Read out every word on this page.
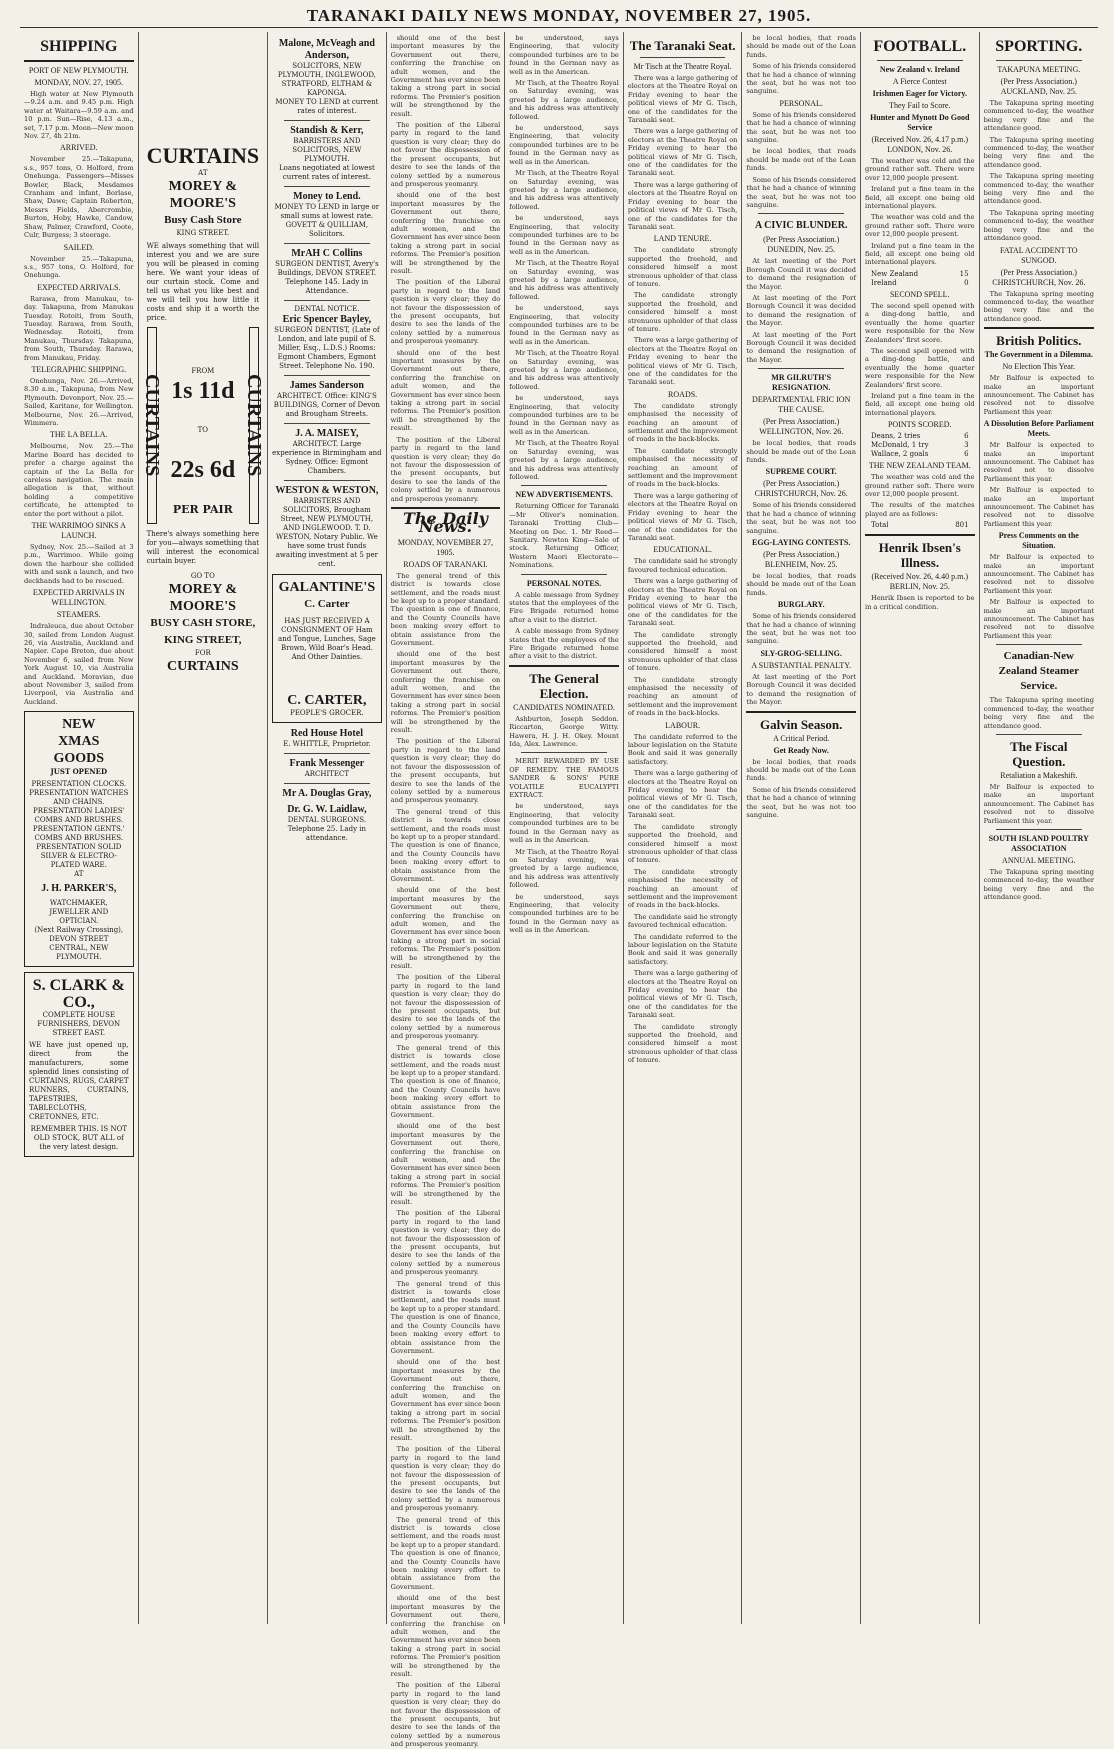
TARANAKI DAILY NEWS MONDAY, NOVEMBER 27, 1905.
SHIPPING
PORT OF NEW PLYMOUTH.
MONDAY, NOV. 27, 1905.
High water at New Plymouth—9.24 a.m. and 9.45 p.m. High water at Waitara—9.59 a.m. and 10 p.m. Sun—Rise, 4.13 a.m., set, 7.17 p.m. Moon—New moon Nov. 27, 4h 21m.
ARRIVED.
November 25.—Takapuna, s.s., 957 tons, O. Holford, from Onehunga. Passengers—Misses Bowler, Black, Mesdames Cranham and infant, Borlase, Shaw, Dawe; Captain Roberton, Messrs Fields, Abercrombie, Burton, Hoby, Hawke, Candow, Shaw, Palmer, Crawford, Coote, Culr, Burgess; 3 steerage.
SAILED.
November 25.—Takapuna, s.s., 957 tons, O. Holford, for Onehunga.
EXPECTED ARRIVALS.
Rarawa, from Manukau, to-day. Takapuna, from Manukau Tuesday. Rotoiti, from South, Tuesday. Rarawa, from South, Wednesday. Rotoiti, from Manukau, Thursday. Takapuna, from South, Thursday. Rarawa, from Manukau, Friday.
TELEGRAPHIC SHIPPING.
Onehunga, Nov. 26.—Arrived, 8.30 a.m., Takapuna, from New Plymouth. Devonport, Nov. 25.—Sailed, Karitane, for Wellington. Melbourne, Nov. 26.—Arrived, Wimmera.
THE LA BELLA.
Melbourne, Nov. 25.—The Marine Board has decided to prefer a charge against the captain of the La Bella for careless navigation. The main allegation is that, without holding a competitive certificate, he attempted to enter the port without a pilot.
THE WARRIMOO SINKS A LAUNCH.
Sydney, Nov. 25.—Sailed at 3 p.m., Warrimoo. While going down the harbour she collided with and sank a launch, and two deckhands had to be rescued.
EXPECTED ARRIVALS IN WELLINGTON.
STEAMERS.
Indraleuca, due about October 30, sailed from London August 26, via Australia, Auckland and Napier. Cape Breton, due about November 6, sailed from New York August 10, via Australia and Auckland. Moravian, due about November 3, sailed from Liverpool, via Australia and Auckland.
NEW
XMAS
GOODS
JUST OPENED
PRESENTATION CLOCKS. PRESENTATION WATCHES AND CHAINS. PRESENTATION LADIES' COMBS AND BRUSHES. PRESENTATION GENTS.' COMBS AND BRUSHES. PRESENTATION SOLID SILVER & ELECTRO-PLATED WARE.
AT
J. H. PARKER'S,
WATCHMAKER, JEWELLER AND OPTICIAN.
(Next Railway Crossing), DEVON STREET CENTRAL, NEW PLYMOUTH.
S. CLARK & CO.,
COMPLETE HOUSE FURNISHERS, DEVON STREET EAST.
WE have just opened up, direct from the manufacturers, some splendid lines consisting of CURTAINS, RUGS, CARPET RUNNERS, CURTAINS, TAPESTRIES, TABLECLOTHS, CRETONNES, ETC.
REMEMBER THIS. IS NOT OLD STOCK, BUT ALL of the very latest design.
CURTAINS
AT
MOREY & MOORE'S
Busy Cash Store
KING STREET.
WE always something that will interest you and we are sure you will be pleased in coming here. We want your ideas of our curtain stock. Come and tell us what you like best and we will tell you how little it costs and ship it a worth the price.
CURTAINS
FROM
1s 11d
TO
22s 6d
PER PAIR
CURTAINS
There's always something here for you—always something that will interest the economical curtain buyer.
GO TO
MOREY & MOORE'S
BUSY CASH STORE,
KING STREET,
FOR
CURTAINS
Malone, McVeagh and Anderson,
SOLICITORS, NEW PLYMOUTH, INGLEWOOD, STRATFORD, ELTHAM & KAPONGA.
MONEY TO LEND at current rates of interest.
Standish & Kerr,
BARRISTERS AND SOLICITORS, NEW PLYMOUTH.
Loans negotiated at lowest current rates of interest.
Money to Lend.
MONEY TO LEND in large or small sums at lowest rate. GOVETT & QUILLIAM, Solicitors.
MrAH C Collins
SURGEON DENTIST, Avery's Buildings, DEVON STREET. Telephone 145. Lady in Attendance.
DENTAL NOTICE.
Eric Spencer Bayley,
SURGEON DENTIST, (Late of London, and late pupil of S. Miller, Esq., L.D.S.) Rooms: Egmont Chambers, Egmont Street. Telephone No. 190.
James Sanderson
ARCHITECT. Office: KING'S BUILDINGS, Corner of Devon and Brougham Streets.
J. A. MAISEY,
ARCHITECT. Large experience in Birmingham and Sydney. Office: Egmont Chambers.
WESTON & WESTON,
BARRISTERS AND SOLICITORS, Brougham Street, NEW PLYMOUTH, AND INGLEWOOD. T. D. WESTON, Notary Public. We have some trust funds awaiting investment at 5 per cent.
GALANTINE'S
C. Carter
HAS JUST RECEIVED A CONSIGNMENT OF Ham and Tongue, Lunches, Sage Brown, Wild Boar's Head. And Other Dainties.
C. CARTER,
PEOPLE'S GROCER.
Red House Hotel
E. WHITTLE, Proprietor.
Frank Messenger
ARCHITECT
Mr A. Douglas Gray,
Dr. G. W. Laidlaw,
DENTAL SURGEONS. Telephone 25. Lady in attendance.
should one of the best important measures by the Government out there, conferring the franchise on adult women, and the Government has ever since been taking a strong part in social reforms. The Premier's position will be strengthened by the result.
The position of the Liberal party in regard to the land question is very clear; they do not favour the dispossession of the present occupants, but desire to see the lands of the colony settled by a numerous and prosperous yeomanry.
should one of the best important measures by the Government out there, conferring the franchise on adult women, and the Government has ever since been taking a strong part in social reforms. The Premier's position will be strengthened by the result.
The position of the Liberal party in regard to the land question is very clear; they do not favour the dispossession of the present occupants, but desire to see the lands of the colony settled by a numerous and prosperous yeomanry.
should one of the best important measures by the Government out there, conferring the franchise on adult women, and the Government has ever since been taking a strong part in social reforms. The Premier's position will be strengthened by the result.
The position of the Liberal party in regard to the land question is very clear; they do not favour the dispossession of the present occupants, but desire to see the lands of the colony settled by a numerous and prosperous yeomanry.
The Daily News.
MONDAY, NOVEMBER 27, 1905.
ROADS OF TARANAKI.
The general trend of this district is towards close settlement, and the roads must be kept up to a proper standard. The question is one of finance, and the County Councils have been making every effort to obtain assistance from the Government.
should one of the best important measures by the Government out there, conferring the franchise on adult women, and the Government has ever since been taking a strong part in social reforms. The Premier's position will be strengthened by the result.
The position of the Liberal party in regard to the land question is very clear; they do not favour the dispossession of the present occupants, but desire to see the lands of the colony settled by a numerous and prosperous yeomanry.
The general trend of this district is towards close settlement, and the roads must be kept up to a proper standard. The question is one of finance, and the County Councils have been making every effort to obtain assistance from the Government.
should one of the best important measures by the Government out there, conferring the franchise on adult women, and the Government has ever since been taking a strong part in social reforms. The Premier's position will be strengthened by the result.
The position of the Liberal party in regard to the land question is very clear; they do not favour the dispossession of the present occupants, but desire to see the lands of the colony settled by a numerous and prosperous yeomanry.
The general trend of this district is towards close settlement, and the roads must be kept up to a proper standard. The question is one of finance, and the County Councils have been making every effort to obtain assistance from the Government.
should one of the best important measures by the Government out there, conferring the franchise on adult women, and the Government has ever since been taking a strong part in social reforms. The Premier's position will be strengthened by the result.
The position of the Liberal party in regard to the land question is very clear; they do not favour the dispossession of the present occupants, but desire to see the lands of the colony settled by a numerous and prosperous yeomanry.
The general trend of this district is towards close settlement, and the roads must be kept up to a proper standard. The question is one of finance, and the County Councils have been making every effort to obtain assistance from the Government.
should one of the best important measures by the Government out there, conferring the franchise on adult women, and the Government has ever since been taking a strong part in social reforms. The Premier's position will be strengthened by the result.
The position of the Liberal party in regard to the land question is very clear; they do not favour the dispossession of the present occupants, but desire to see the lands of the colony settled by a numerous and prosperous yeomanry.
The general trend of this district is towards close settlement, and the roads must be kept up to a proper standard. The question is one of finance, and the County Councils have been making every effort to obtain assistance from the Government.
should one of the best important measures by the Government out there, conferring the franchise on adult women, and the Government has ever since been taking a strong part in social reforms. The Premier's position will be strengthened by the result.
The position of the Liberal party in regard to the land question is very clear; they do not favour the dispossession of the present occupants, but desire to see the lands of the colony settled by a numerous and prosperous yeomanry.
be understood, says Engineering, that velocity compounded turbines are to be found in the German navy as well as in the American.
Mr Tisch, at the Theatre Royal on Saturday evening, was greeted by a large audience, and his address was attentively followed.
be understood, says Engineering, that velocity compounded turbines are to be found in the German navy as well as in the American.
Mr Tisch, at the Theatre Royal on Saturday evening, was greeted by a large audience, and his address was attentively followed.
be understood, says Engineering, that velocity compounded turbines are to be found in the German navy as well as in the American.
Mr Tisch, at the Theatre Royal on Saturday evening, was greeted by a large audience, and his address was attentively followed.
be understood, says Engineering, that velocity compounded turbines are to be found in the German navy as well as in the American.
Mr Tisch, at the Theatre Royal on Saturday evening, was greeted by a large audience, and his address was attentively followed.
be understood, says Engineering, that velocity compounded turbines are to be found in the German navy as well as in the American.
Mr Tisch, at the Theatre Royal on Saturday evening, was greeted by a large audience, and his address was attentively followed.
NEW ADVERTISEMENTS.
Returning Officer for Taranaki—Mr Oliver's nomination. Taranaki Trotting Club—Meeting on Dec. 1. Mr Reed—Sanitary. Newton King—Sale of stock. Returning Officer, Western Maori Electorate—Nominations.
PERSONAL NOTES.
A cable message from Sydney states that the employees of the Fire Brigade returned home after a visit to the district.
A cable message from Sydney states that the employees of the Fire Brigade returned home after a visit to the district.
The General Election.
CANDIDATES NOMINATED.
Ashburton, Joseph Seddon. Riccarton, George Witty. Hawera, H. J. H. Okey. Mount Ida, Alex. Lawrence.
MERIT REWARDED BY USE OF REMEDY. THE FAMOUS SANDER & SONS' PURE VOLATILE EUCALYPTI EXTRACT.
be understood, says Engineering, that velocity compounded turbines are to be found in the German navy as well as in the American.
Mr Tisch, at the Theatre Royal on Saturday evening, was greeted by a large audience, and his address was attentively followed.
be understood, says Engineering, that velocity compounded turbines are to be found in the German navy as well as in the American.
The Taranaki Seat.
Mr Tisch at the Theatre Royal.
There was a large gathering of electors at the Theatre Royal on Friday evening to hear the political views of Mr G. Tisch, one of the candidates for the Taranaki seat.
There was a large gathering of electors at the Theatre Royal on Friday evening to hear the political views of Mr G. Tisch, one of the candidates for the Taranaki seat.
There was a large gathering of electors at the Theatre Royal on Friday evening to hear the political views of Mr G. Tisch, one of the candidates for the Taranaki seat.
LAND TENURE.
The candidate strongly supported the freehold, and considered himself a most strenuous upholder of that class of tenure.
The candidate strongly supported the freehold, and considered himself a most strenuous upholder of that class of tenure.
There was a large gathering of electors at the Theatre Royal on Friday evening to hear the political views of Mr G. Tisch, one of the candidates for the Taranaki seat.
ROADS.
The candidate strongly emphasised the necessity of reaching an amount of settlement and the improvement of roads in the back-blocks.
The candidate strongly emphasised the necessity of reaching an amount of settlement and the improvement of roads in the back-blocks.
There was a large gathering of electors at the Theatre Royal on Friday evening to hear the political views of Mr G. Tisch, one of the candidates for the Taranaki seat.
EDUCATIONAL.
The candidate said he strongly favoured technical education.
There was a large gathering of electors at the Theatre Royal on Friday evening to hear the political views of Mr G. Tisch, one of the candidates for the Taranaki seat.
The candidate strongly supported the freehold, and considered himself a most strenuous upholder of that class of tenure.
The candidate strongly emphasised the necessity of reaching an amount of settlement and the improvement of roads in the back-blocks.
LABOUR.
The candidate referred to the labour legislation on the Statute Book and said it was generally satisfactory.
There was a large gathering of electors at the Theatre Royal on Friday evening to hear the political views of Mr G. Tisch, one of the candidates for the Taranaki seat.
The candidate strongly supported the freehold, and considered himself a most strenuous upholder of that class of tenure.
The candidate strongly emphasised the necessity of reaching an amount of settlement and the improvement of roads in the back-blocks.
The candidate said he strongly favoured technical education.
The candidate referred to the labour legislation on the Statute Book and said it was generally satisfactory.
There was a large gathering of electors at the Theatre Royal on Friday evening to hear the political views of Mr G. Tisch, one of the candidates for the Taranaki seat.
The candidate strongly supported the freehold, and considered himself a most strenuous upholder of that class of tenure.
be local bodies, that roads should be made out of the Loan funds.
Some of his friends considered that he had a chance of winning the seat, but he was not too sanguine.
PERSONAL.
Some of his friends considered that he had a chance of winning the seat, but he was not too sanguine.
be local bodies, that roads should be made out of the Loan funds.
Some of his friends considered that he had a chance of winning the seat, but he was not too sanguine.
A CIVIC BLUNDER.
(Per Press Association.) DUNEDIN, Nov. 25.
At last meeting of the Port Borough Council it was decided to demand the resignation of the Mayor.
At last meeting of the Port Borough Council it was decided to demand the resignation of the Mayor.
At last meeting of the Port Borough Council it was decided to demand the resignation of the Mayor.
MR GILRUTH'S RESIGNATION.
DEPARTMENTAL FRIC ION THE CAUSE.
(Per Press Association.) WELLINGTON, Nov. 26.
be local bodies, that roads should be made out of the Loan funds.
SUPREME COURT.
(Per Press Association.) CHRISTCHURCH, Nov. 26.
Some of his friends considered that he had a chance of winning the seat, but he was not too sanguine.
EGG-LAYING CONTESTS.
(Per Press Association.) BLENHEIM, Nov. 25.
be local bodies, that roads should be made out of the Loan funds.
BURGLARY.
Some of his friends considered that he had a chance of winning the seat, but he was not too sanguine.
SLY-GROG-SELLING.
A SUBSTANTIAL PENALTY.
At last meeting of the Port Borough Council it was decided to demand the resignation of the Mayor.
Galvin Season.
A Critical Period.
Get Ready Now.
be local bodies, that roads should be made out of the Loan funds.
Some of his friends considered that he had a chance of winning the seat, but he was not too sanguine.
FOOTBALL.
New Zealand v. Ireland
A Fierce Contest
Irishmen Eager for Victory.
They Fail to Score.
Hunter and Mynott Do Good Service
(Received Nov. 26, 4.17 p.m.) LONDON, Nov. 26.
The weather was cold and the ground rather soft. There were over 12,000 people present.
Ireland put a fine team in the field, all except one being old international players.
The weather was cold and the ground rather soft. There were over 12,000 people present.
Ireland put a fine team in the field, all except one being old international players.
New Zealand	15
Ireland	0
SECOND SPELL.
The second spell opened with a ding-dong battle, and eventually the home quarter were responsible for the New Zealanders' first score.
The second spell opened with a ding-dong battle, and eventually the home quarter were responsible for the New Zealanders' first score.
Ireland put a fine team in the field, all except one being old international players.
POINTS SCORED.
Deans, 2 tries	6
McDonald, 1 try	3
Wallace, 2 goals	6
THE NEW ZEALAND TEAM.
The weather was cold and the ground rather soft. There were over 12,000 people present.
The results of the matches played are as follows:
Total	801
Henrik Ibsen's Illness.
(Received Nov. 26, 4.40 p.m.) BERLIN, Nov. 25.
Henrik Ibsen is reported to be in a critical condition.
SPORTING.
TAKAPUNA MEETING.
(Per Press Association.) AUCKLAND, Nov. 25.
The Takapuna spring meeting commenced to-day, the weather being very fine and the attendance good.
The Takapuna spring meeting commenced to-day, the weather being very fine and the attendance good.
The Takapuna spring meeting commenced to-day, the weather being very fine and the attendance good.
The Takapuna spring meeting commenced to-day, the weather being very fine and the attendance good.
FATAL ACCIDENT TO SUNGOD.
(Per Press Association.) CHRISTCHURCH, Nov. 26.
The Takapuna spring meeting commenced to-day, the weather being very fine and the attendance good.
British Politics.
The Government in a Dilemma.
No Election This Year.
Mr Balfour is expected to make an important announcement. The Cabinet has resolved not to dissolve Parliament this year.
A Dissolution Before Parliament Meets.
Mr Balfour is expected to make an important announcement. The Cabinet has resolved not to dissolve Parliament this year.
Mr Balfour is expected to make an important announcement. The Cabinet has resolved not to dissolve Parliament this year.
Press Comments on the Situation.
Mr Balfour is expected to make an important announcement. The Cabinet has resolved not to dissolve Parliament this year.
Mr Balfour is expected to make an important announcement. The Cabinet has resolved not to dissolve Parliament this year.
Canadian-New Zealand Steamer Service.
The Takapuna spring meeting commenced to-day, the weather being very fine and the attendance good.
The Fiscal Question.
Retaliation a Makeshift.
Mr Balfour is expected to make an important announcement. The Cabinet has resolved not to dissolve Parliament this year.
SOUTH ISLAND POULTRY ASSOCIATION
ANNUAL MEETING.
The Takapuna spring meeting commenced to-day, the weather being very fine and the attendance good.
